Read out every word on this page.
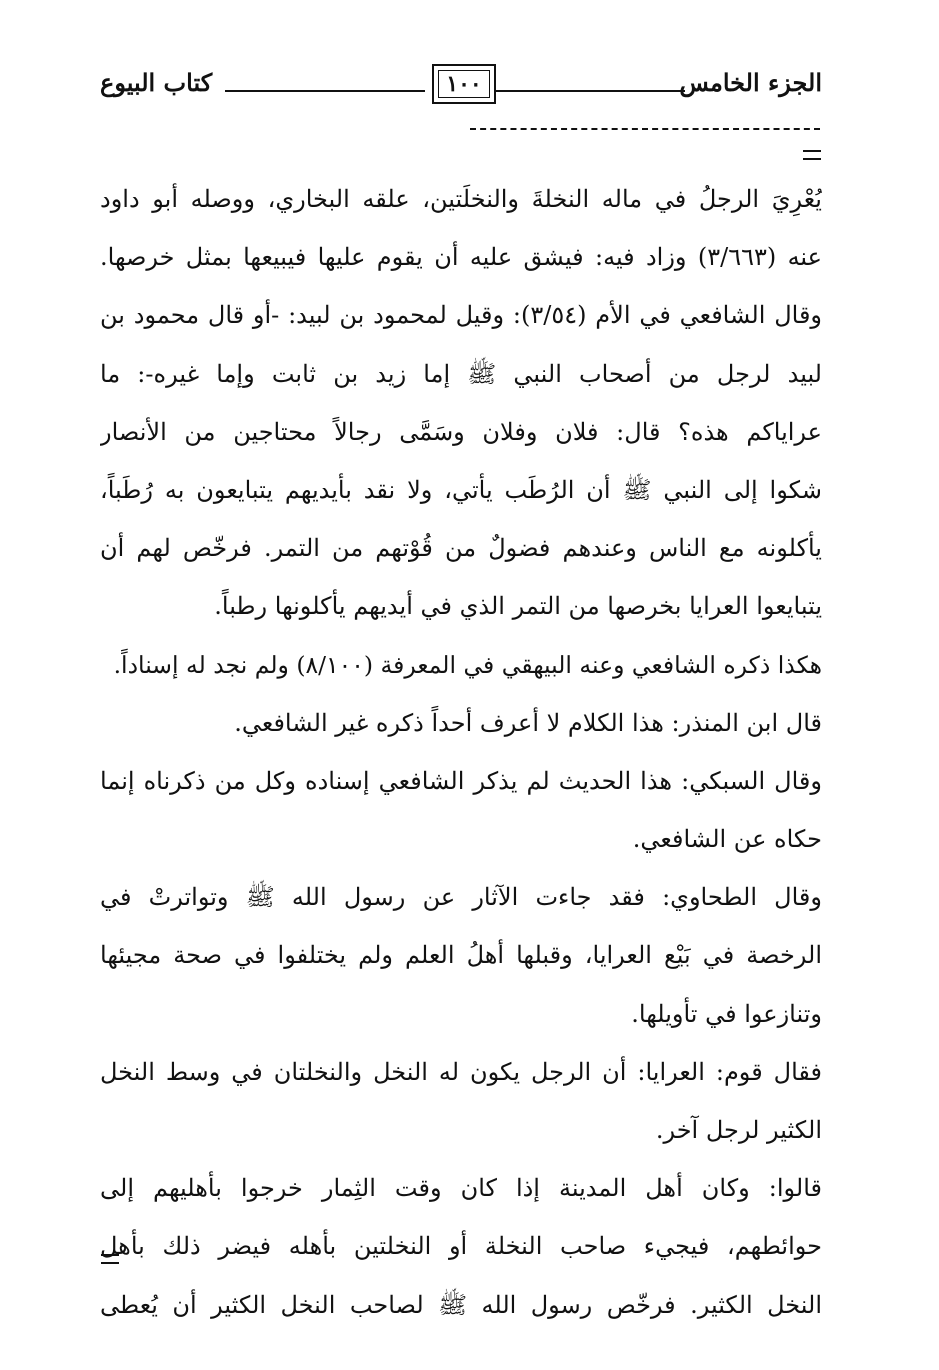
الجزء الخامس
١٠٠
كتاب البيوع
يُعْرِيَ الرجلُ في ماله النخلةَ والنخلَتين، علقه البخاري، ووصله أبو داود
عنه (٣/٦٦٣) وزاد فيه: فيشق عليه أن يقوم عليها فيبيعها بمثل خرصها.
وقال الشافعي في الأم (٣/٥٤): وقيل لمحمود بن لبيد: -أو قال محمود بن
لبيد لرجل من أصحاب النبي ﷺ إما زيد بن ثابت وإما غيره-: ما
عراياكم هذه؟ قال: فلان وفلان وسَمَّى رجالاً محتاجين من الأنصار
شكوا إلى النبي ﷺ أن الرُطَب يأتي، ولا نقد بأيديهم يتبايعون به رُطَباً،
يأكلونه مع الناس وعندهم فضولٌ من قُوْتهم من التمر. فرخّص لهم أن
يتبايعوا العرايا بخرصها من التمر الذي في أيديهم يأكلونها رطباً.
هكذا ذكره الشافعي وعنه البيهقي في المعرفة (٨/١٠٠) ولم نجد له إسناداً.
قال ابن المنذر: هذا الكلام لا أعرف أحداً ذكره غير الشافعي.
وقال السبكي: هذا الحديث لم يذكر الشافعي إسناده وكل من ذكرناه إنما
حكاه عن الشافعي.
وقال الطحاوي: فقد جاءت الآثار عن رسول الله ﷺ وتواترتْ في
الرخصة في بَيْع العرايا، وقبلها أهلُ العلم ولم يختلفوا في صحة مجيئها
وتنازعوا في تأويلها.
فقال قوم: العرايا: أن الرجل يكون له النخل والنخلتان في وسط النخل
الكثير لرجل آخر.
قالوا: وكان أهل المدينة إذا كان وقت الثِمار خرجوا بأهليهم إلى
حوائطهم، فيجيء صاحب النخلة أو النخلتين بأهله فيضر ذلك بأهل
النخل الكثير. فرخّص رسول الله ﷺ لصاحب النخل الكثير أن يُعطى
